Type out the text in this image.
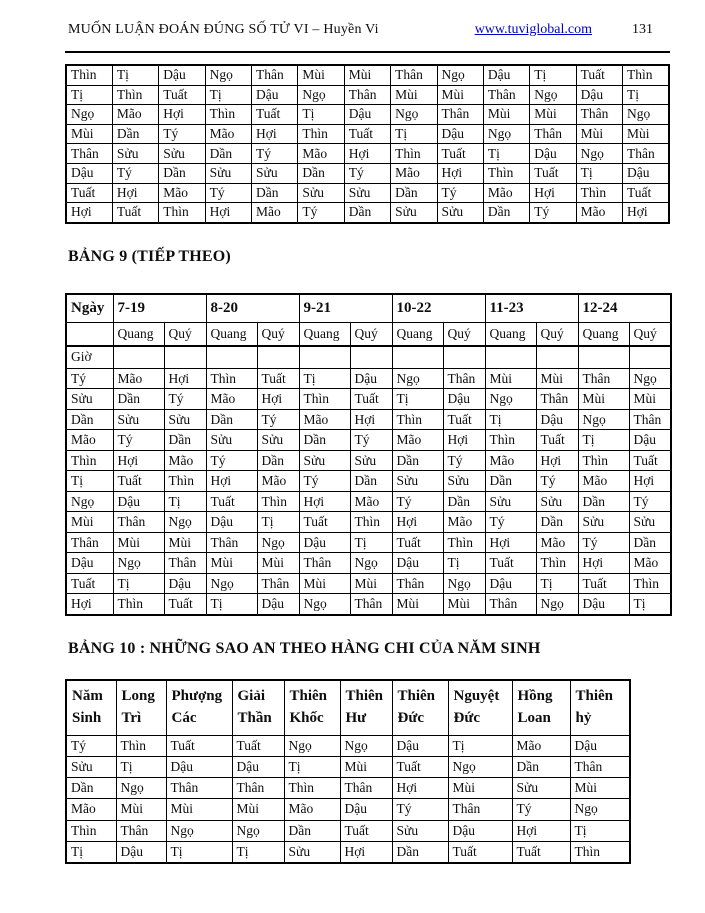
MUỐN LUẬN ĐOÁN ĐÚNG SỐ TỬ VI – Huyền Vi	www.tuviglobal.com	131
Thìn	Tị	Dậu	Ngọ	Thân	Mùi	Mùi	Thân	Ngọ	Dậu	Tị	Tuất	Thìn
Tị	Thìn	Tuất	Tị	Dậu	Ngọ	Thân	Mùi	Mùi	Thân	Ngọ	Dậu	Tị
Ngọ	Mão	Hợi	Thìn	Tuất	Tị	Dậu	Ngọ	Thân	Mùi	Mùi	Thân	Ngọ
Mùi	Dần	Tý	Mão	Hợi	Thìn	Tuất	Tị	Dậu	Ngọ	Thân	Mùi	Mùi
Thân	Sửu	Sửu	Dần	Tý	Mão	Hợi	Thìn	Tuất	Tị	Dậu	Ngọ	Thân
Dậu	Tý	Dần	Sửu	Sửu	Dần	Tý	Mão	Hợi	Thìn	Tuất	Tị	Dậu
Tuất	Hợi	Mão	Tý	Dần	Sửu	Sửu	Dần	Tý	Mão	Hợi	Thìn	Tuất
Hợi	Tuất	Thìn	Hợi	Mão	Tý	Dần	Sửu	Sửu	Dần	Tý	Mão	Hợi
BẢNG 9 (TIẾP THEO)
Ngày	7-19		8-20		9-21		10-22		11-23		12-24	
	Quang	Quý	Quang	Quý	Quang	Quý	Quang	Quý	Quang	Quý	Quang	Quý
Giờ												
Tý	Mão	Hợi	Thìn	Tuất	Tị	Dậu	Ngọ	Thân	Mùi	Mùi	Thân	Ngọ
Sửu	Dần	Tý	Mão	Hợi	Thìn	Tuất	Tị	Dậu	Ngọ	Thân	Mùi	Mùi
Dần	Sửu	Sửu	Dần	Tý	Mão	Hợi	Thìn	Tuất	Tị	Dậu	Ngọ	Thân
Mão	Tý	Dần	Sửu	Sửu	Dần	Tý	Mão	Hợi	Thìn	Tuất	Tị	Dậu
Thìn	Hợi	Mão	Tý	Dần	Sửu	Sửu	Dần	Tý	Mão	Hợi	Thìn	Tuất
Tị	Tuất	Thìn	Hợi	Mão	Tý	Dần	Sửu	Sửu	Dần	Tý	Mão	Hợi
Ngọ	Dậu	Tị	Tuất	Thìn	Hợi	Mão	Tý	Dần	Sửu	Sửu	Dần	Tý
Mùi	Thân	Ngọ	Dậu	Tị	Tuất	Thìn	Hợi	Mão	Tý	Dần	Sửu	Sửu
Thân	Mùi	Mùi	Thân	Ngọ	Dậu	Tị	Tuất	Thìn	Hợi	Mão	Tý	Dần
Dậu	Ngọ	Thân	Mùi	Mùi	Thân	Ngọ	Dậu	Tị	Tuất	Thìn	Hợi	Mão
Tuất	Tị	Dậu	Ngọ	Thân	Mùi	Mùi	Thân	Ngọ	Dậu	Tị	Tuất	Thìn
Hợi	Thìn	Tuất	Tị	Dậu	Ngọ	Thân	Mùi	Mùi	Thân	Ngọ	Dậu	Tị
BẢNG 10 : NHỮNG SAO AN THEO HÀNG CHI CỦA NĂM SINH
Năm Sinh	Long Trì	Phượng Các	Giải Thần	Thiên Khốc	Thiên Hư	Thiên Đức	Nguyệt Đức	Hồng Loan	Thiên hỷ
Tý	Thìn	Tuất	Tuất	Ngọ	Ngọ	Dậu	Tị	Mão	Dậu
Sửu	Tị	Dậu	Dậu	Tị	Mùi	Tuất	Ngọ	Dần	Thân
Dần	Ngọ	Thân	Thân	Thìn	Thân	Hợi	Mùi	Sửu	Mùi
Mão	Mùi	Mùi	Mùi	Mão	Dậu	Tý	Thân	Tý	Ngọ
Thìn	Thân	Ngọ	Ngọ	Dần	Tuất	Sửu	Dậu	Hợi	Tị
Tị	Dậu	Tị	Tị	Sửu	Hợi	Dần	Tuất	Tuất	Thìn
